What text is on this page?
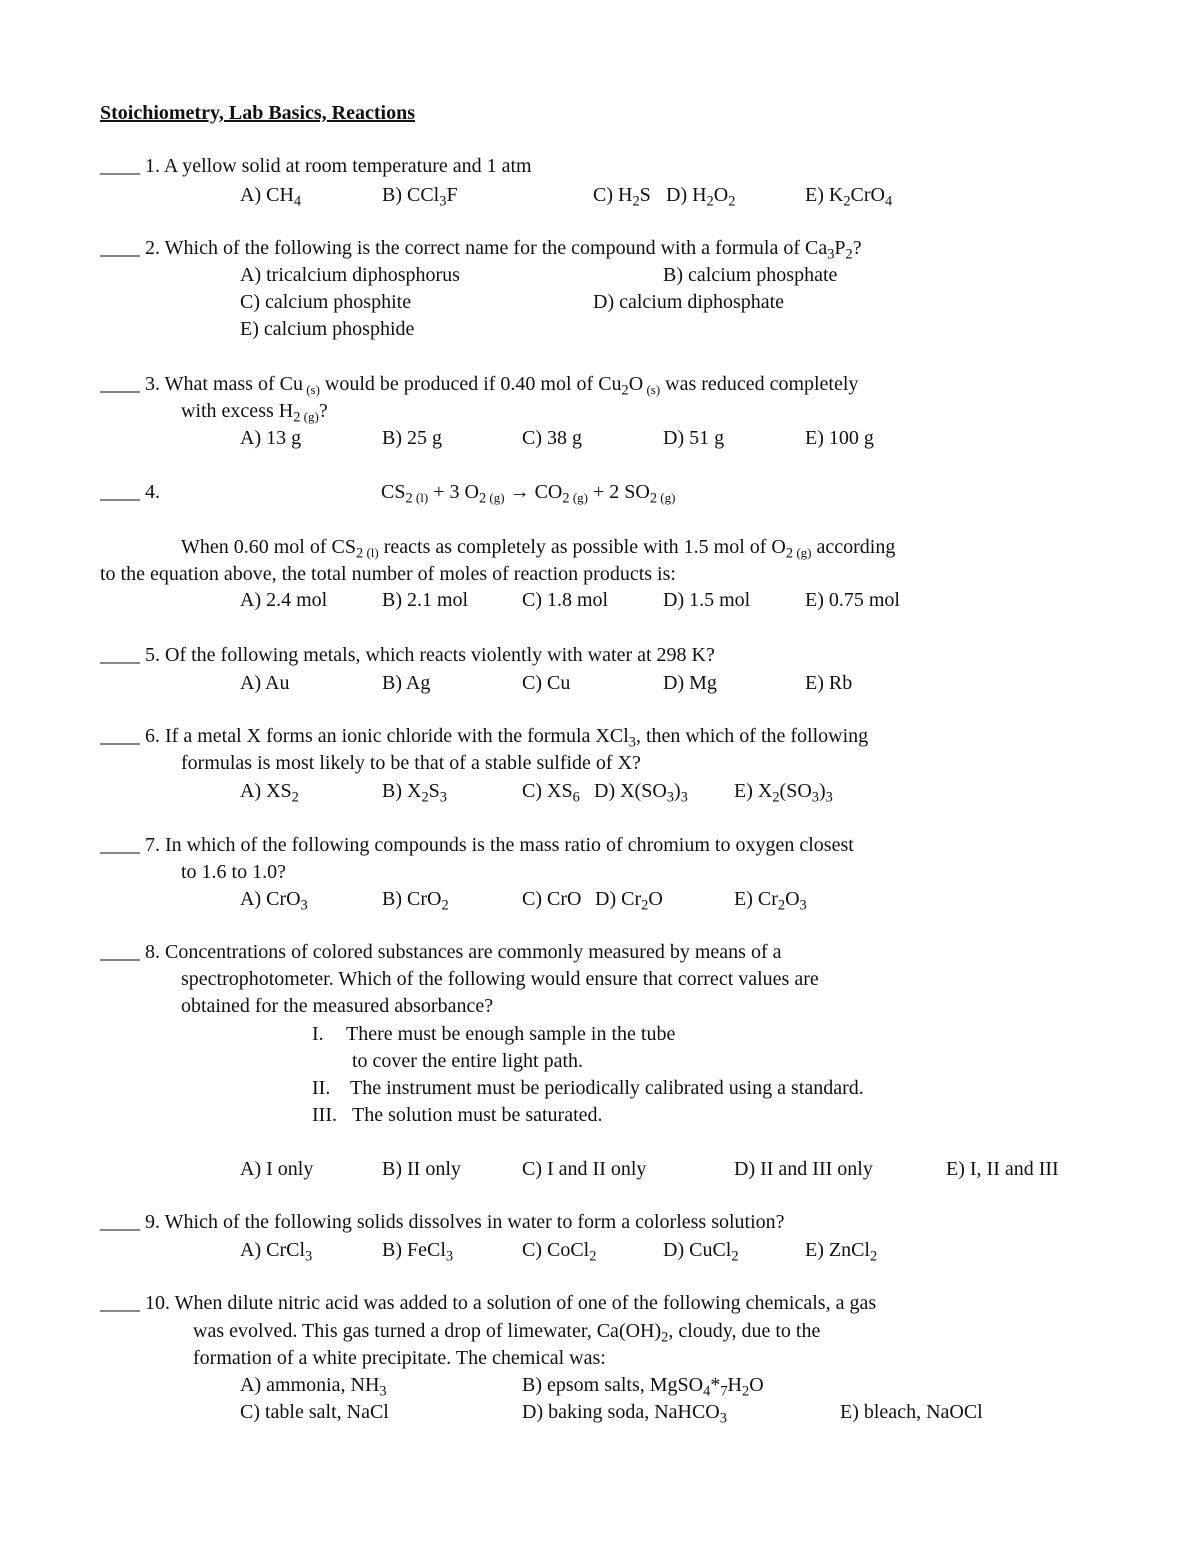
Stoichiometry, Lab Basics, Reactions
____ 1. A yellow solid at room temperature and 1 atm
A) $CH_4$	B) CCl$_3$F	C) $H_2S$ D) $H_2O_2$	E) $K_2CrO_4$
____ 2. Which of the following is the correct name for the compound with a formula of $Ca_3P_2$?
A) tricalcium diphosphorus	B) calcium phosphate
C) calcium phosphite	D) calcium diphosphate
E) calcium phosphide
____ 3. What mass of Cu (s) would be produced if 0.40 mol of $Cu_2O$ (s) was reduced completely
with excess $H_2$ (g)?
A) 13 g	B) 25 g	C) 38 g	D) 51 g	E) 100 g
____ 4.	$CS_2$ (l) + 3 $O_2$ $(g) \to CO_2$ (g) + 2 $SO_2$ (g)
When 0.60 mol of $CS_2$ (l) reacts as completely as possible with 1.5 mol of $O_2$ (g) according
to the equation above, the total number of moles of reaction products is:
A) 2.4 mol	B) 2.1 mol	C) 1.8 mol	D) 1.5 mol	E) 0.75 mol
____ 5. Of the following metals, which reacts violently with water at 298 K?
A) Au	B) Ag	C) Cu	D) Mg	E) Rb
____ 6. If a metal X forms an ionic chloride with the formula XCl$_3$, then which of the following
formulas is most likely to be that of a stable sulfide of X?
A) $XS_2$	B) $X_2S_3$	C) $XS_6$ D) $X(SO_3)_3$ E) $X_2(SO_3)_3$
____ 7. In which of the following compounds is the mass ratio of chromium to oxygen closest
to 1.6 to 1.0?
A) CrO$_3$	B) CrO$_2$	C) CrO D) $Cr_2O$	E) $Cr_2O_3$
____ 8. Concentrations of colored substances are commonly measured by means of a
spectrophotometer. Which of the following would ensure that correct values are
obtained for the measured absorbance?
I. There must be enough sample in the tube
to cover the entire light path.
II. The instrument must be periodically calibrated using a standard.
III. The solution must be saturated.
A) I only	B) II only	C) I and II only	D) II and III only	E) I, II and III
____ 9. Which of the following solids dissolves in water to form a colorless solution?
A) CrCl$_3$	B) FeCl$_3$	C) CoCl$_2$	D) CuCl$_2$	E) ZnCl$_2$
____ 10. When dilute nitric acid was added to a solution of one of the following chemicals, a gas
was evolved. This gas turned a drop of limewater, $Ca(OH)_2$, cloudy, due to the
formation of a white precipitate. The chemical was:
A) ammonia, $NH_3$	B) epsom salts, $MgSO_4*_7H_2O$
C) table salt, NaCl	D) baking soda, NaHCO$_3$	E) bleach, NaOCl
